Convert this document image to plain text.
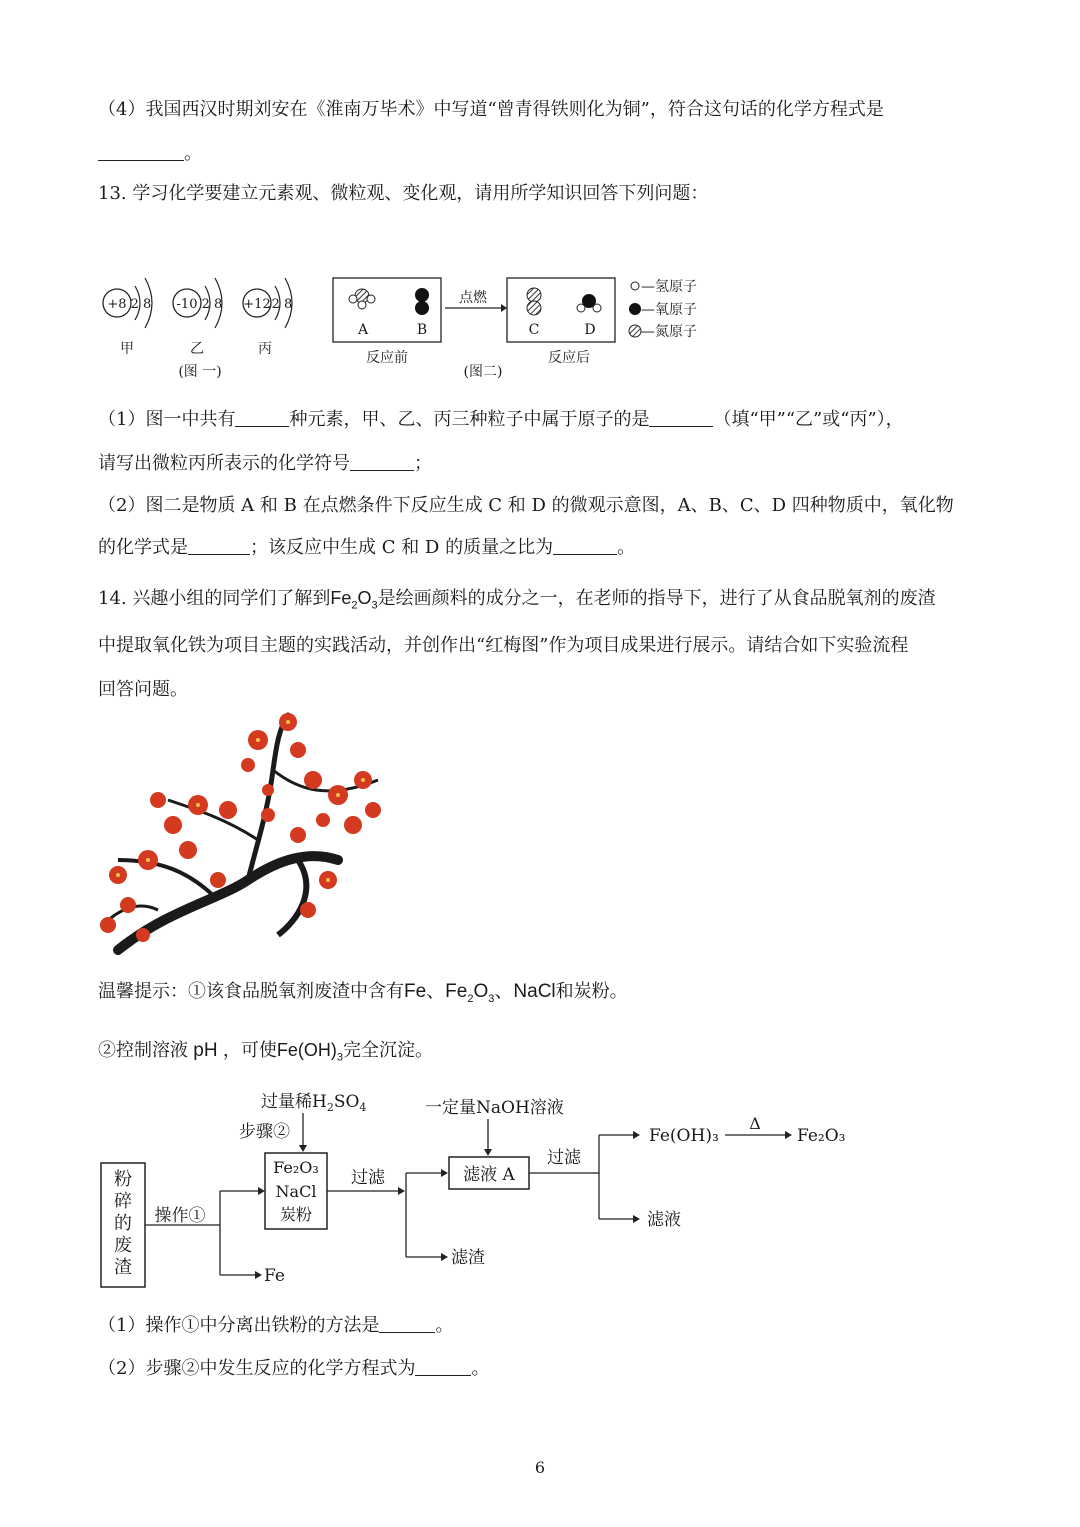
（4）我国西汉时期刘安在《淮南万毕术》中写道“曾青得铁则化为铜”，符合这句话的化学方程式是
。
13. 学习化学要建立元素观、微粒观、变化观，请用所学知识回答下列问题：
+8 2 8
甲
-10 2 8
乙
+12 2 8
丙
(图 一)
A	B
反应前
点燃
C	D
反应后
(图二)
—氢原子
—氧原子
—氮原子
（1）图一中共有	种元素，甲、乙、丙三种粒子中属于原子的是	（填“甲”“乙”或“丙”），
请写出微粒丙所表示的化学符号	；
（2）图二是物质 A 和 B 在点燃条件下反应生成 C 和 D 的微观示意图，A、B、C、D 四种物质中，氧化物
的化学式是	；该反应中生成 C 和 D 的质量之比为	。
14. 兴趣小组的同学们了解到$Fe_2O_3$是绘画颜料的成分之一，在老师的指导下，进行了从食品脱氧剂的废渣
中提取氧化铁为项目主题的实践活动，并创作出“红梅图”作为项目成果进行展示。请结合如下实验流程
回答问题。
温馨提示：①该食品脱氧剂废渣中含有Fe、$Fe_2O_3$、NaCl和炭粉。
②控制溶液 pH ，可使$Fe(OH)_3$完全沉淀。
粉
碎
的
废
渣
操作①
Fe
过量稀$H_2SO_4$
步骤②
Fe₂O₃
NaCl
炭粉
过滤
滤渣
一定量NaOH溶液
滤液 A
过滤
Fe(OH)₃
Δ
Fe₂O₃
滤液
（1）操作①中分离出铁粉的方法是	。
（2）步骤②中发生反应的化学方程式为	。
6
